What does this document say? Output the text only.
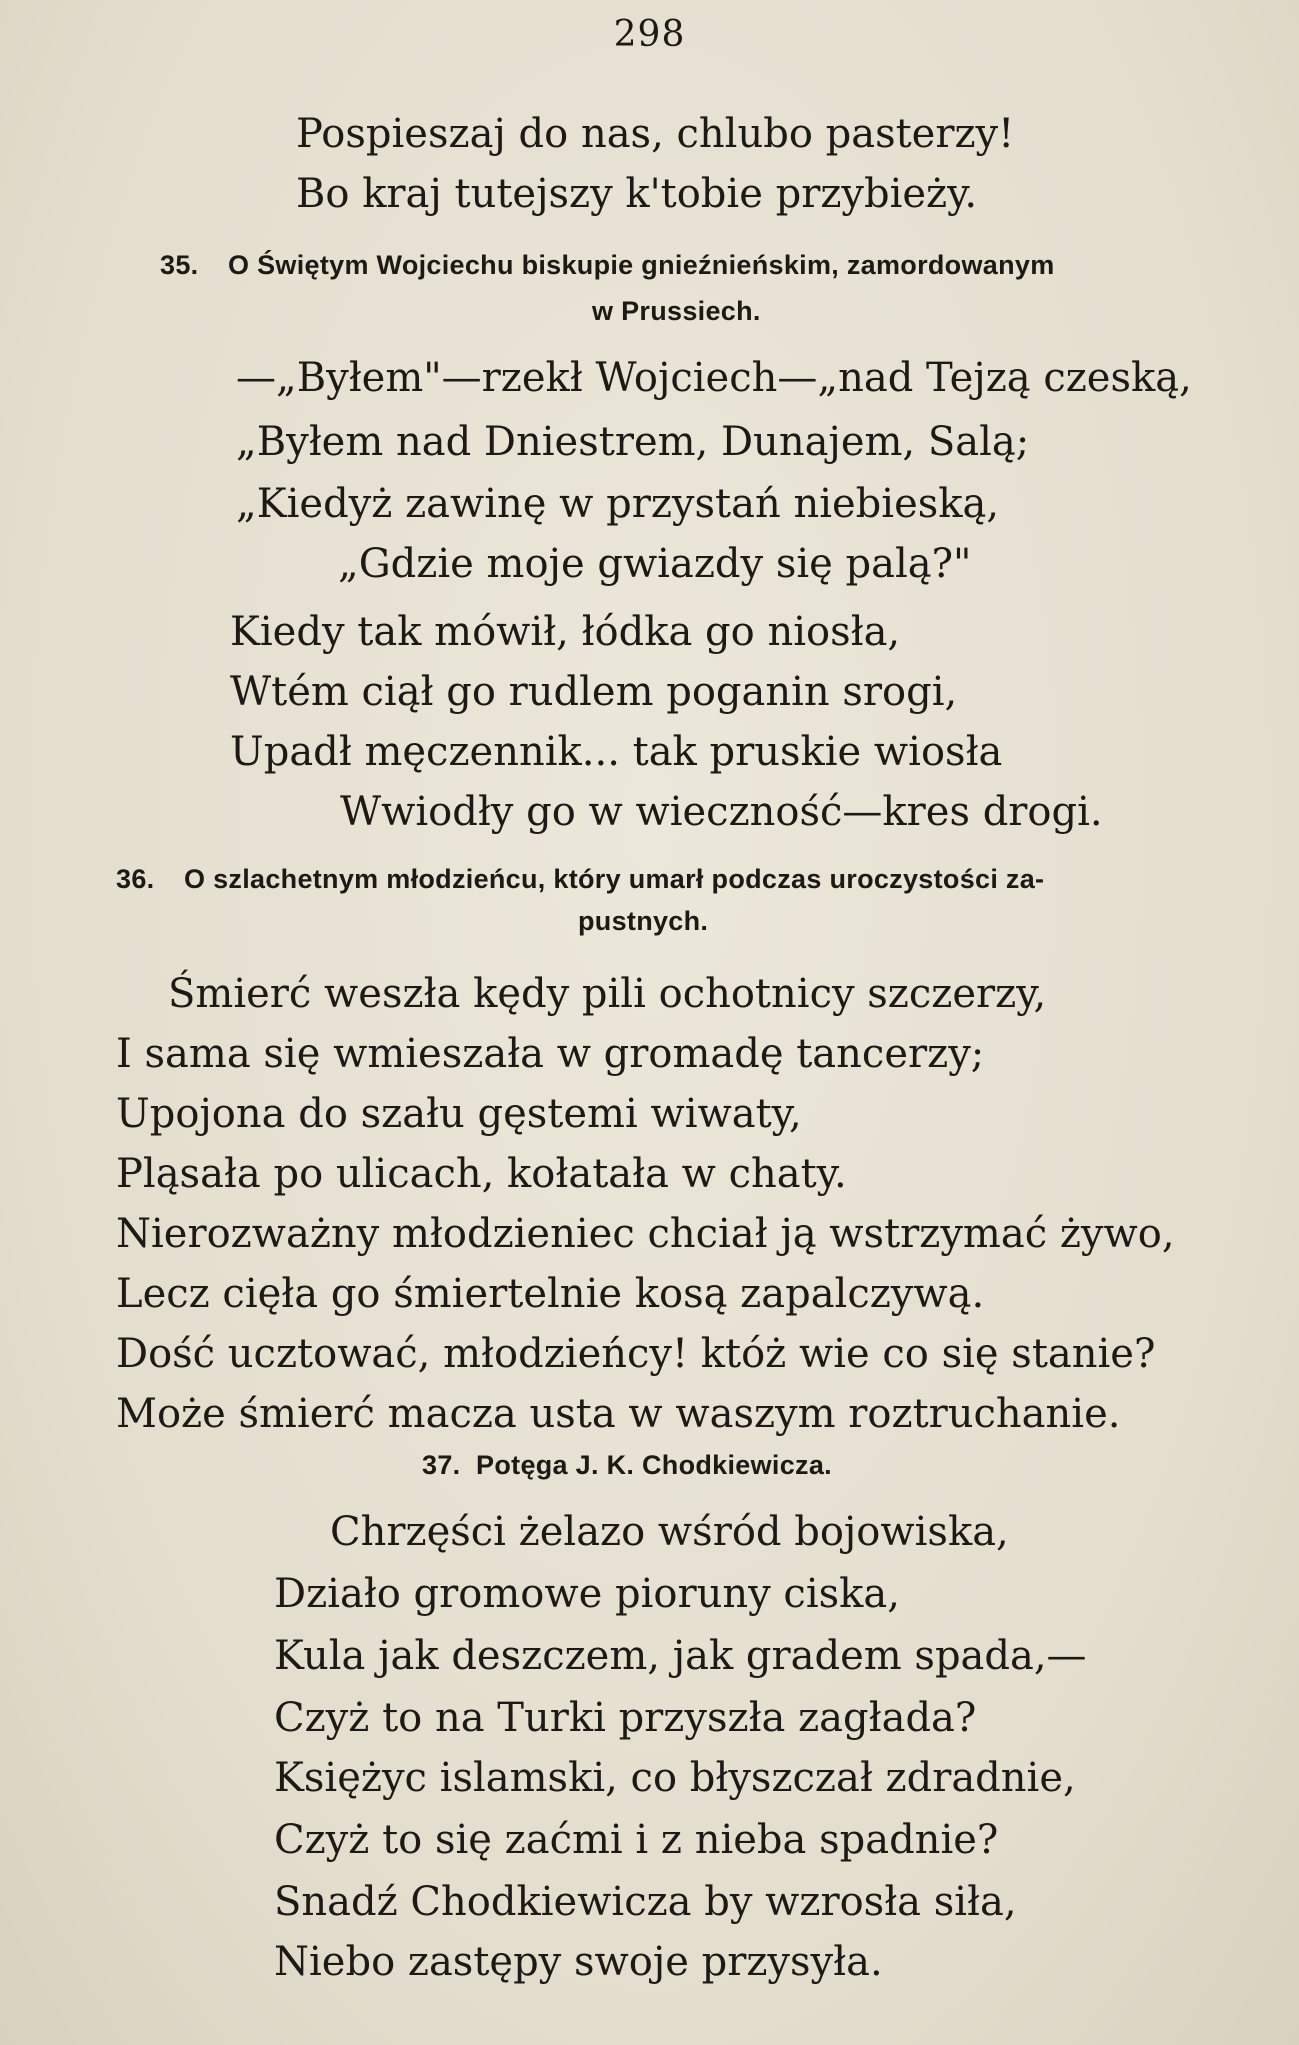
298
Pospieszaj do nas, chlubo pasterzy!
Bo kraj tutejszy k'tobie przybieży.
35. O Świętym Wojciechu biskupie gnieźnieńskim, zamordowanym
w Prussiech.
—„Byłem"—rzekł Wojciech—„nad Tejzą czeską,
„Byłem nad Dniestrem, Dunajem, Salą;
„Kiedyż zawinę w przystań niebieską,
„Gdzie moje gwiazdy się palą?"
Kiedy tak mówił, łódka go niosła,
Wtém ciął go rudlem poganin srogi,
Upadł męczennik... tak pruskie wiosła
Wwiodły go w wieczność—kres drogi.
36. O szlachetnym młodzieńcu, który umarł podczas uroczystości za-
pustnych.
Śmierć weszła kędy pili ochotnicy szczerzy,
I sama się wmieszała w gromadę tancerzy;
Upojona do szału gęstemi wiwaty,
Pląsała po ulicach, kołatała w chaty.
Nierozważny młodzieniec chciał ją wstrzymać żywo,
Lecz cięła go śmiertelnie kosą zapalczywą.
Dość ucztować, młodzieńcy! któż wie co się stanie?
Może śmierć macza usta w waszym roztruchanie.
37. Potęga J. K. Chodkiewicza.
Chrzęści żelazo wśród bojowiska,
Działo gromowe pioruny ciska,
Kula jak deszczem, jak gradem spada,—
Czyż to na Turki przyszła zagłada?
Księżyc islamski, co błyszczał zdradnie,
Czyż to się zaćmi i z nieba spadnie?
Snadź Chodkiewicza by wzrosła siła,
Niebo zastępy swoje przysyła.
